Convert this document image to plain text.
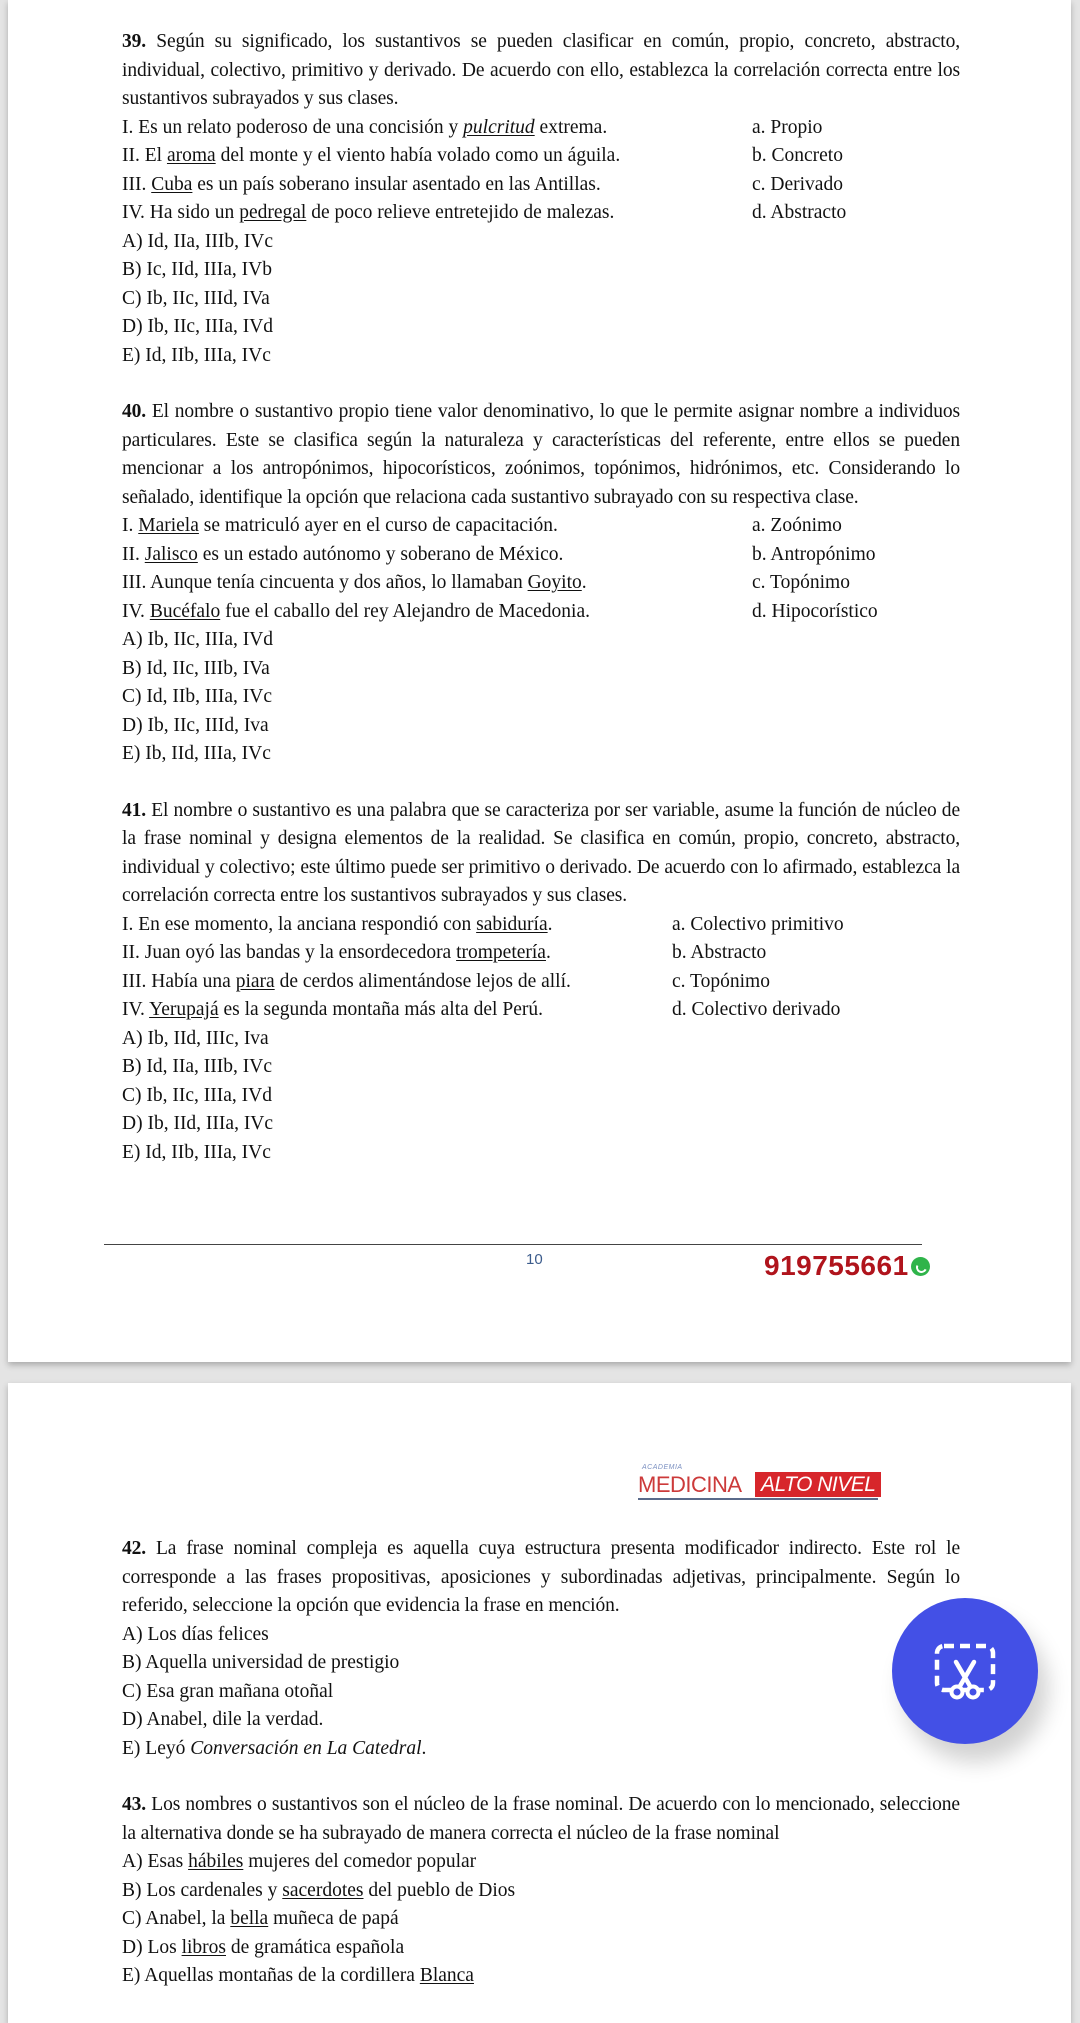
39. Según su significado, los sustantivos se pueden clasificar en común, propio, concreto, abstracto, individual, colectivo, primitivo y derivado. De acuerdo con ello, establezca la correlación correcta entre los sustantivos subrayados y sus clases.
I. Es un relato poderoso de una concisión y pulcritud extrema.	a. Propio
II. El aroma del monte y el viento había volado como un águila.	b. Concreto
III. Cuba es un país soberano insular asentado en las Antillas.	c. Derivado
IV. Ha sido un pedregal de poco relieve entretejido de malezas.	d. Abstracto
A) Id, IIa, IIIb, IVc
B) Ic, IId, IIIa, IVb
C) Ib, IIc, IIId, IVa
D) Ib, IIc, IIIa, IVd
E) Id, IIb, IIIa, IVc
40. El nombre o sustantivo propio tiene valor denominativo, lo que le permite asignar nombre a individuos particulares. Este se clasifica según la naturaleza y características del referente, entre ellos se pueden mencionar a los antropónimos, hipocorísticos, zoónimos, topónimos, hidrónimos, etc. Considerando lo señalado, identifique la opción que relaciona cada sustantivo subrayado con su respectiva clase.
I. Mariela se matriculó ayer en el curso de capacitación.	a. Zoónimo
II. Jalisco es un estado autónomo y soberano de México.	b. Antropónimo
III. Aunque tenía cincuenta y dos años, lo llamaban Goyito.	c. Topónimo
IV. Bucéfalo fue el caballo del rey Alejandro de Macedonia.	d. Hipocorístico
A) Ib, IIc, IIIa, IVd
B) Id, IIc, IIIb, IVa
C) Id, IIb, IIIa, IVc
D) Ib, IIc, IIId, Iva
E) Ib, IId, IIIa, IVc
41. El nombre o sustantivo es una palabra que se caracteriza por ser variable, asume la función de núcleo de la frase nominal y designa elementos de la realidad. Se clasifica en común, propio, concreto, abstracto, individual y colectivo; este último puede ser primitivo o derivado. De acuerdo con lo afirmado, establezca la correlación correcta entre los sustantivos subrayados y sus clases.
I. En ese momento, la anciana respondió con sabiduría.	a. Colectivo primitivo
II. Juan oyó las bandas y la ensordecedora trompetería.	b. Abstracto
III. Había una piara de cerdos alimentándose lejos de allí.	c. Topónimo
IV. Yerupajá es la segunda montaña más alta del Perú.	d. Colectivo derivado
A) Ib, IId, IIIc, Iva
B) Id, IIa, IIIb, IVc
C) Ib, IIc, IIIa, IVd
D) Ib, IId, IIIa, IVc
E) Id, IIb, IIIa, IVc
10	919755661
ACADEMIA
MEDICINA ALTO NIVEL
42. La frase nominal compleja es aquella cuya estructura presenta modificador indirecto. Este rol le corresponde a las frases propositivas, aposiciones y subordinadas adjetivas, principalmente. Según lo referido, seleccione la opción que evidencia la frase en mención.
A) Los días felices
B) Aquella universidad de prestigio
C) Esa gran mañana otoñal
D) Anabel, dile la verdad.
E) Leyó Conversación en La Catedral.
43. Los nombres o sustantivos son el núcleo de la frase nominal. De acuerdo con lo mencionado, seleccione la alternativa donde se ha subrayado de manera correcta el núcleo de la frase nominal
A) Esas hábiles mujeres del comedor popular
B) Los cardenales y sacerdotes del pueblo de Dios
C) Anabel, la bella muñeca de papá
D) Los libros de gramática española
E) Aquellas montañas de la cordillera Blanca
